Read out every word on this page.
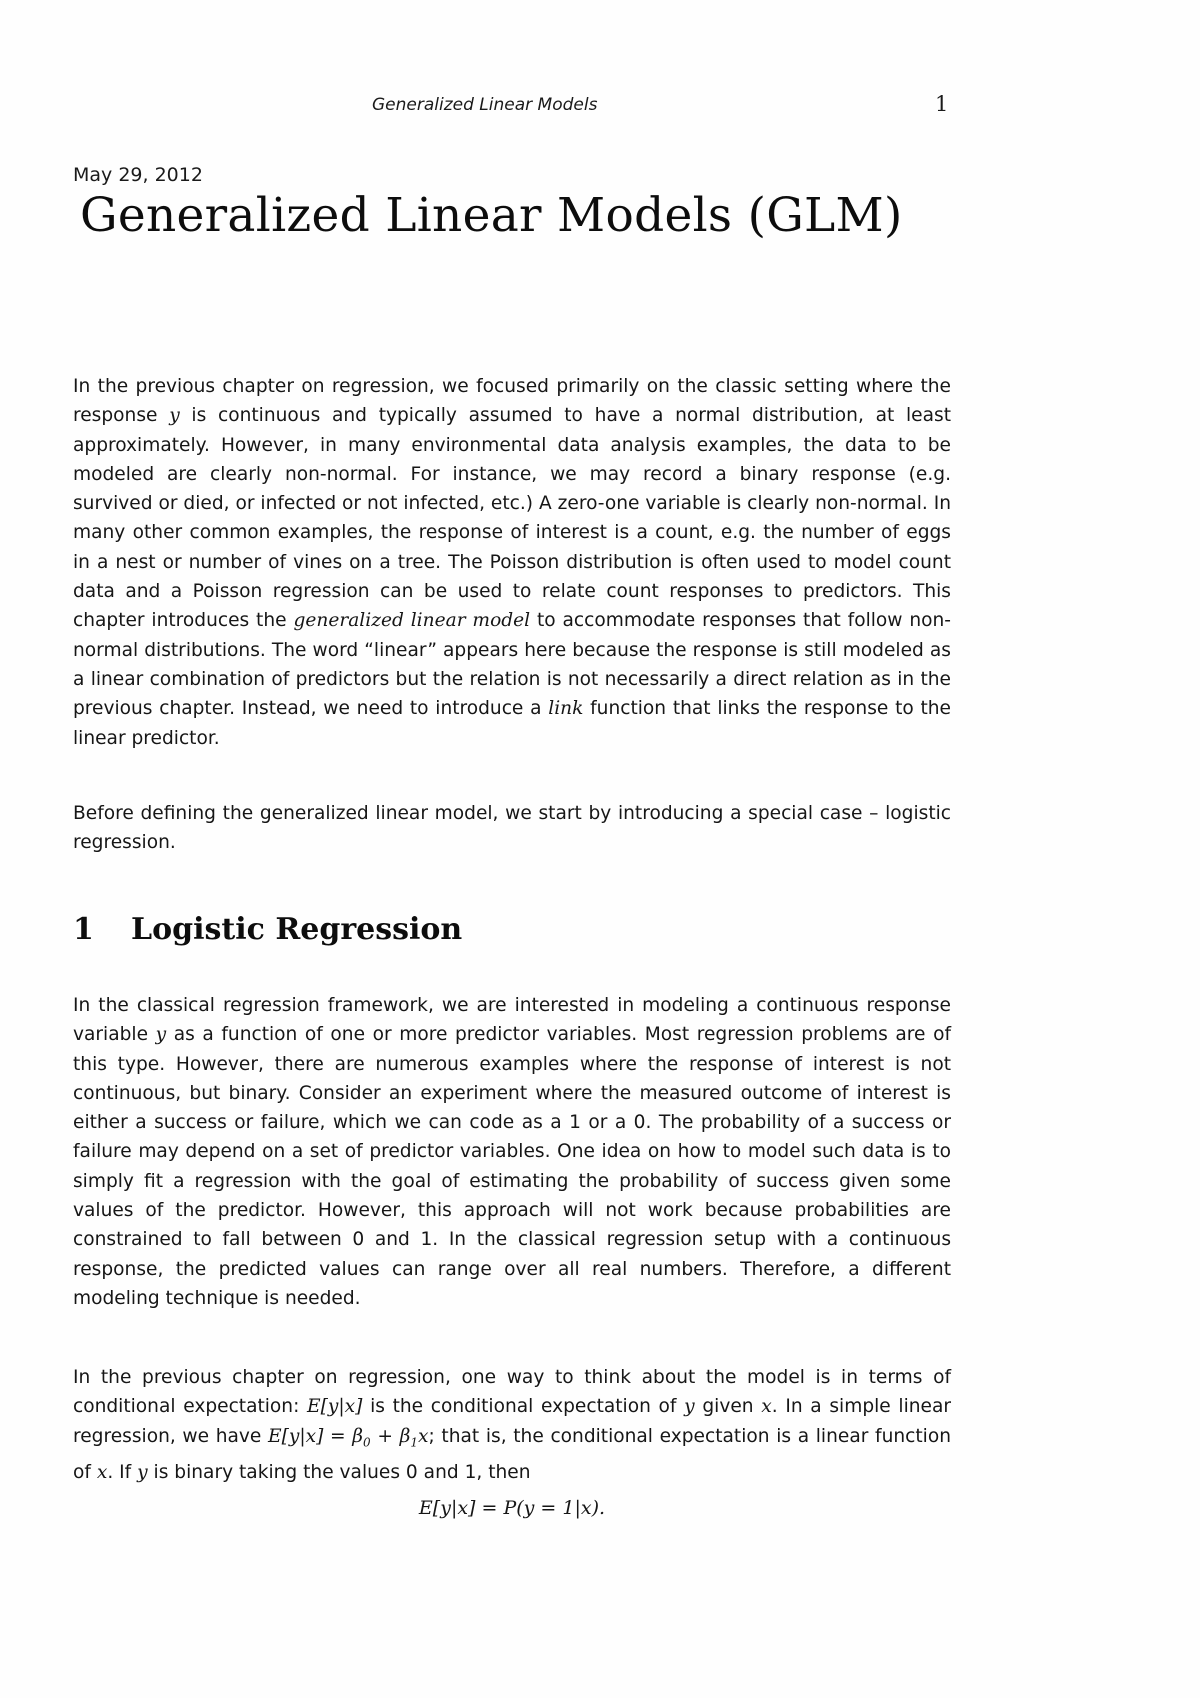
Generalized Linear Models	1
May 29, 2012
Generalized Linear Models (GLM)

In the previous chapter on regression, we focused primarily on the classic setting where the response y is continuous and typically assumed to have a normal distribution, at least approximately. However, in many environmental data analysis examples, the data to be modeled are clearly non-normal. For instance, we may record a binary response (e.g. survived or died, or infected or not infected, etc.) A zero-one variable is clearly non-normal. In many other common examples, the response of interest is a count, e.g. the number of eggs in a nest or number of vines on a tree. The Poisson distribution is often used to model count data and a Poisson regression can be used to relate count responses to predictors. This chapter introduces the generalized linear model to accommodate responses that follow non-normal distributions. The word “linear” appears here because the response is still modeled as a linear combination of predictors but the relation is not necessarily a direct relation as in the previous chapter. Instead, we need to introduce a link function that links the response to the linear predictor.

Before defining the generalized linear model, we start by introducing a special case – logistic regression.

1 Logistic Regression

In the classical regression framework, we are interested in modeling a continuous response variable y as a function of one or more predictor variables. Most regression problems are of this type. However, there are numerous examples where the response of interest is not continuous, but binary. Consider an experiment where the measured outcome of interest is either a success or failure, which we can code as a 1 or a 0. The probability of a success or failure may depend on a set of predictor variables. One idea on how to model such data is to simply fit a regression with the goal of estimating the probability of success given some values of the predictor. However, this approach will not work because probabilities are constrained to fall between 0 and 1. In the classical regression setup with a continuous response, the predicted values can range over all real numbers. Therefore, a different modeling technique is needed.

In the previous chapter on regression, one way to think about the model is in terms of conditional expectation: E[y|x] is the conditional expectation of y given x. In a simple linear regression, we have $E[y|x] = \beta_0 + \beta_1x$; that is, the conditional expectation is a linear function of x. If y is binary taking the values 0 and 1, then

E[y|x] = P(y = 1|x).
